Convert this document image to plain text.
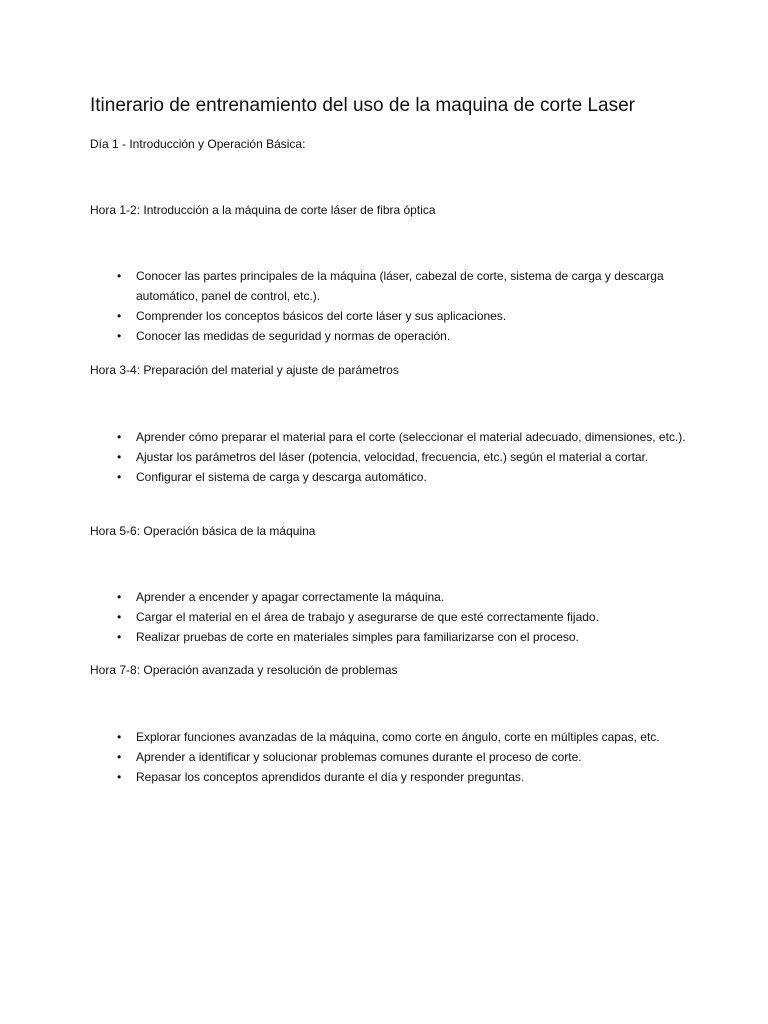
Itinerario de entrenamiento del uso de la maquina de corte Laser

Día 1 - Introducción y Operación Básica:

Hora 1-2: Introducción a la máquina de corte láser de fibra óptica

• Conocer las partes principales de la máquina (láser, cabezal de corte, sistema de carga y descarga automático, panel de control, etc.).
• Comprender los conceptos básicos del corte láser y sus aplicaciones.
• Conocer las medidas de seguridad y normas de operación.

Hora 3-4: Preparación del material y ajuste de parámetros

• Aprender cómo preparar el material para el corte (seleccionar el material adecuado, dimensiones, etc.).
• Ajustar los parámetros del láser (potencia, velocidad, frecuencia, etc.) según el material a cortar.
• Configurar el sistema de carga y descarga automático.

Hora 5-6: Operación básica de la máquina

• Aprender a encender y apagar correctamente la máquina.
• Cargar el material en el área de trabajo y asegurarse de que esté correctamente fijado.
• Realizar pruebas de corte en materiales simples para familiarizarse con el proceso.

Hora 7-8: Operación avanzada y resolución de problemas

• Explorar funciones avanzadas de la máquina, como corte en ángulo, corte en múltiples capas, etc.
• Aprender a identificar y solucionar problemas comunes durante el proceso de corte.
• Repasar los conceptos aprendidos durante el día y responder preguntas.
